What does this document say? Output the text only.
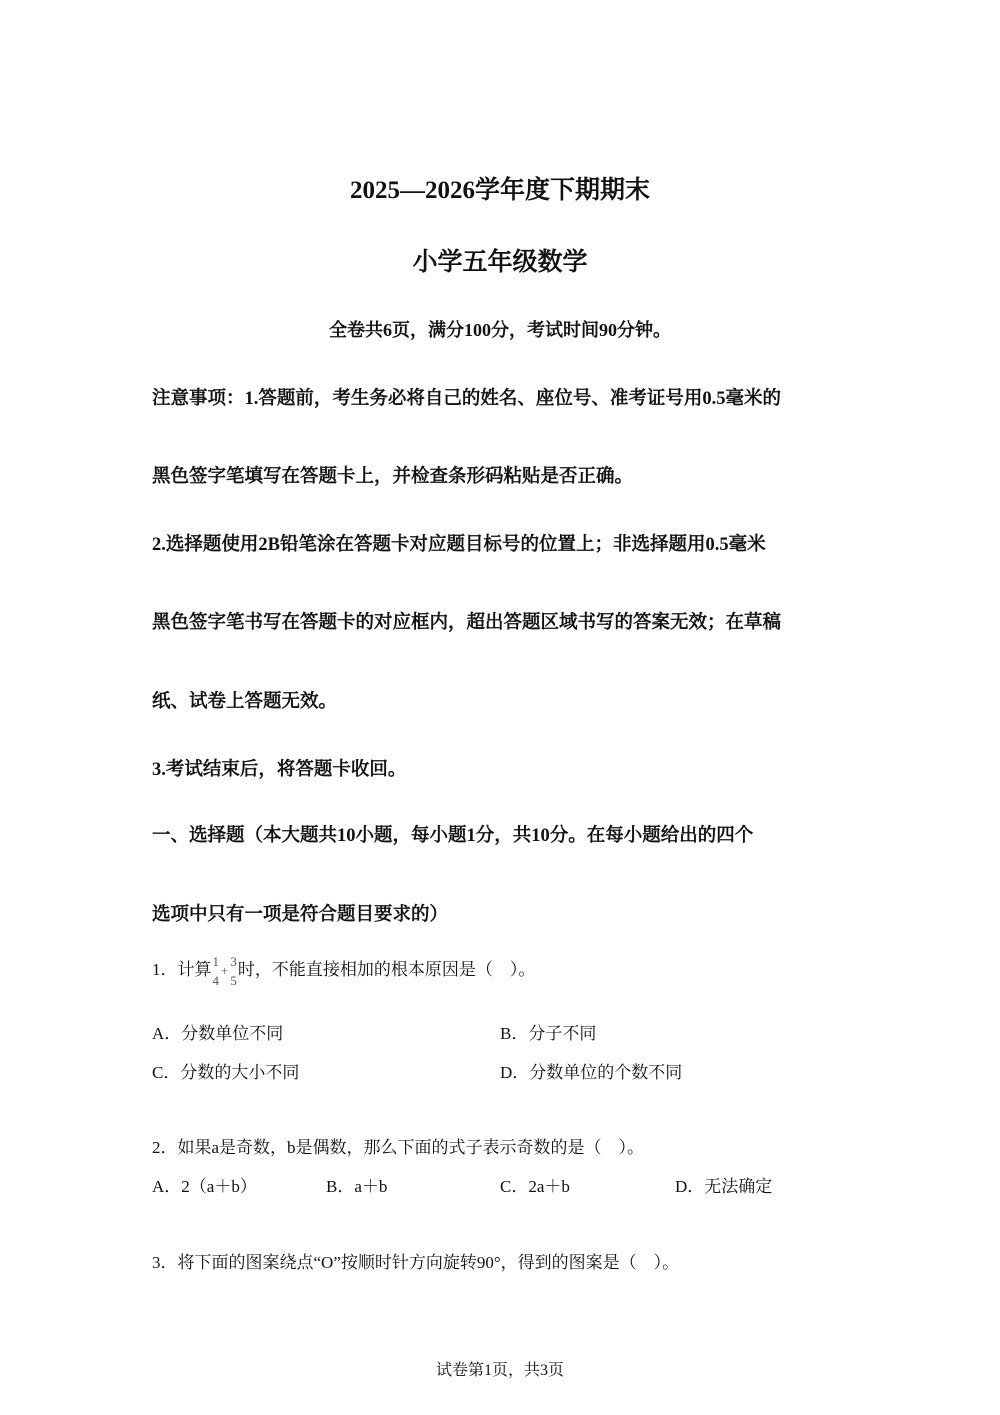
2025—2026学年度下期期末
小学五年级数学
全卷共6页，满分100分，考试时间90分钟。
注意事项：1.答题前，考生务必将自己的姓名、座位号、准考证号用0.5毫米的
黑色签字笔填写在答题卡上，并检查条形码粘贴是否正确。
2.选择题使用2B铅笔涂在答题卡对应题目标号的位置上；非选择题用0.5毫米
黑色签字笔书写在答题卡的对应框内，超出答题区域书写的答案无效；在草稿
纸、试卷上答题无效。
3.考试结束后，将答题卡收回。
一、选择题（本大题共10小题，每小题1分，共10分。在每小题给出的四个
选项中只有一项是符合题目要求的）
1．计算 1
4
+
3
5
时，不能直接相加的根本原因是（　）。
A．分数单位不同	B．分子不同
C．分数的大小不同	D．分数单位的个数不同
2．如果a是奇数，b是偶数，那么下面的式子表示奇数的是（　）。
A．2（a＋b）	B．a＋b	C．2a＋b	D．无法确定
3．将下面的图案绕点“O”按顺时针方向旋转90°，得到的图案是（　）。
试卷第1页，共3页
